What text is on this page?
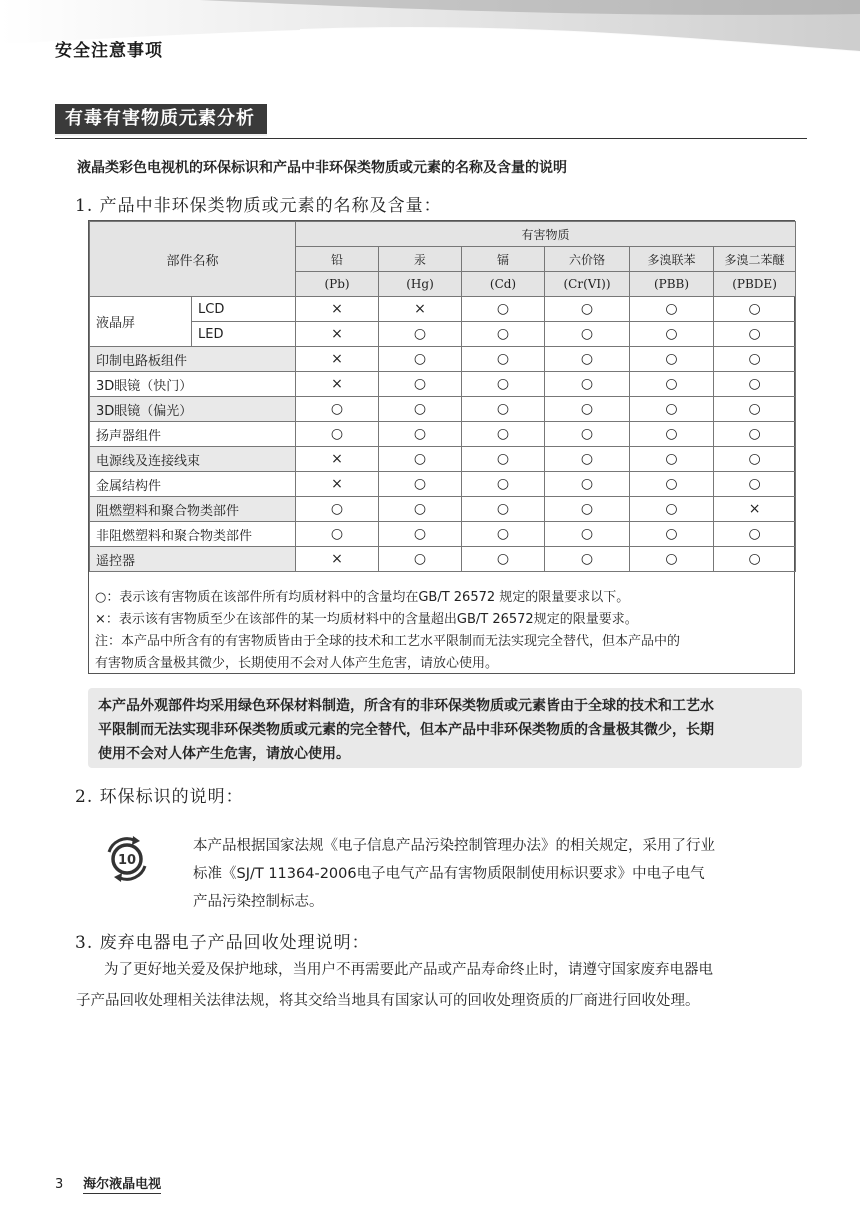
安全注意事项
有毒有害物质元素分析
液晶类彩色电视机的环保标识和产品中非环保类物质或元素的名称及含量的说明
1. 产品中非环保类物质或元素的名称及含量：
部件名称		有害物质					
		铅	汞	镉	六价铬	多溴联苯	多溴二苯醚
		(Pb)	(Hg)	(Cd)	(Cr(VI))	(PBB)	(PBDE)
液晶屏	LCD	×	×	○	○	○	○
	LED	×	○	○	○	○	○
印制电路板组件		×	○	○	○	○	○
3D眼镜（快门）		×	○	○	○	○	○
3D眼镜（偏光）		○	○	○	○	○	○
扬声器组件		○	○	○	○	○	○
电源线及连接线束		×	○	○	○	○	○
金属结构件		×	○	○	○	○	○
阻燃塑料和聚合物类部件		○	○	○	○	○	×
非阻燃塑料和聚合物类部件		○	○	○	○	○	○
遥控器		×	○	○	○	○	○
○：表示该有害物质在该部件所有均质材料中的含量均在GB/T 26572 规定的限量要求以下。
×：表示该有害物质至少在该部件的某一均质材料中的含量超出GB/T 26572规定的限量要求。
注：本产品中所含有的有害物质皆由于全球的技术和工艺水平限制而无法实现完全替代，但本产品中的
有害物质含量极其微少，长期使用不会对人体产生危害，请放心使用。
本产品外观部件均采用绿色环保材料制造，所含有的非环保类物质或元素皆由于全球的技术和工艺水
平限制而无法实现非环保类物质或元素的完全替代，但本产品中非环保类物质的含量极其微少，长期
使用不会对人体产生危害，请放心使用。
2. 环保标识的说明：
10
本产品根据国家法规《电子信息产品污染控制管理办法》的相关规定，采用了行业
标准《SJ/T 11364-2006电子电气产品有害物质限制使用标识要求》中电子电气
产品污染控制标志。
3. 废弃电器电子产品回收处理说明：
为了更好地关爱及保护地球，当用户不再需要此产品或产品寿命终止时，请遵守国家废弃电器电
子产品回收处理相关法律法规，将其交给当地具有国家认可的回收处理资质的厂商进行回收处理。
3 海尔液晶电视
